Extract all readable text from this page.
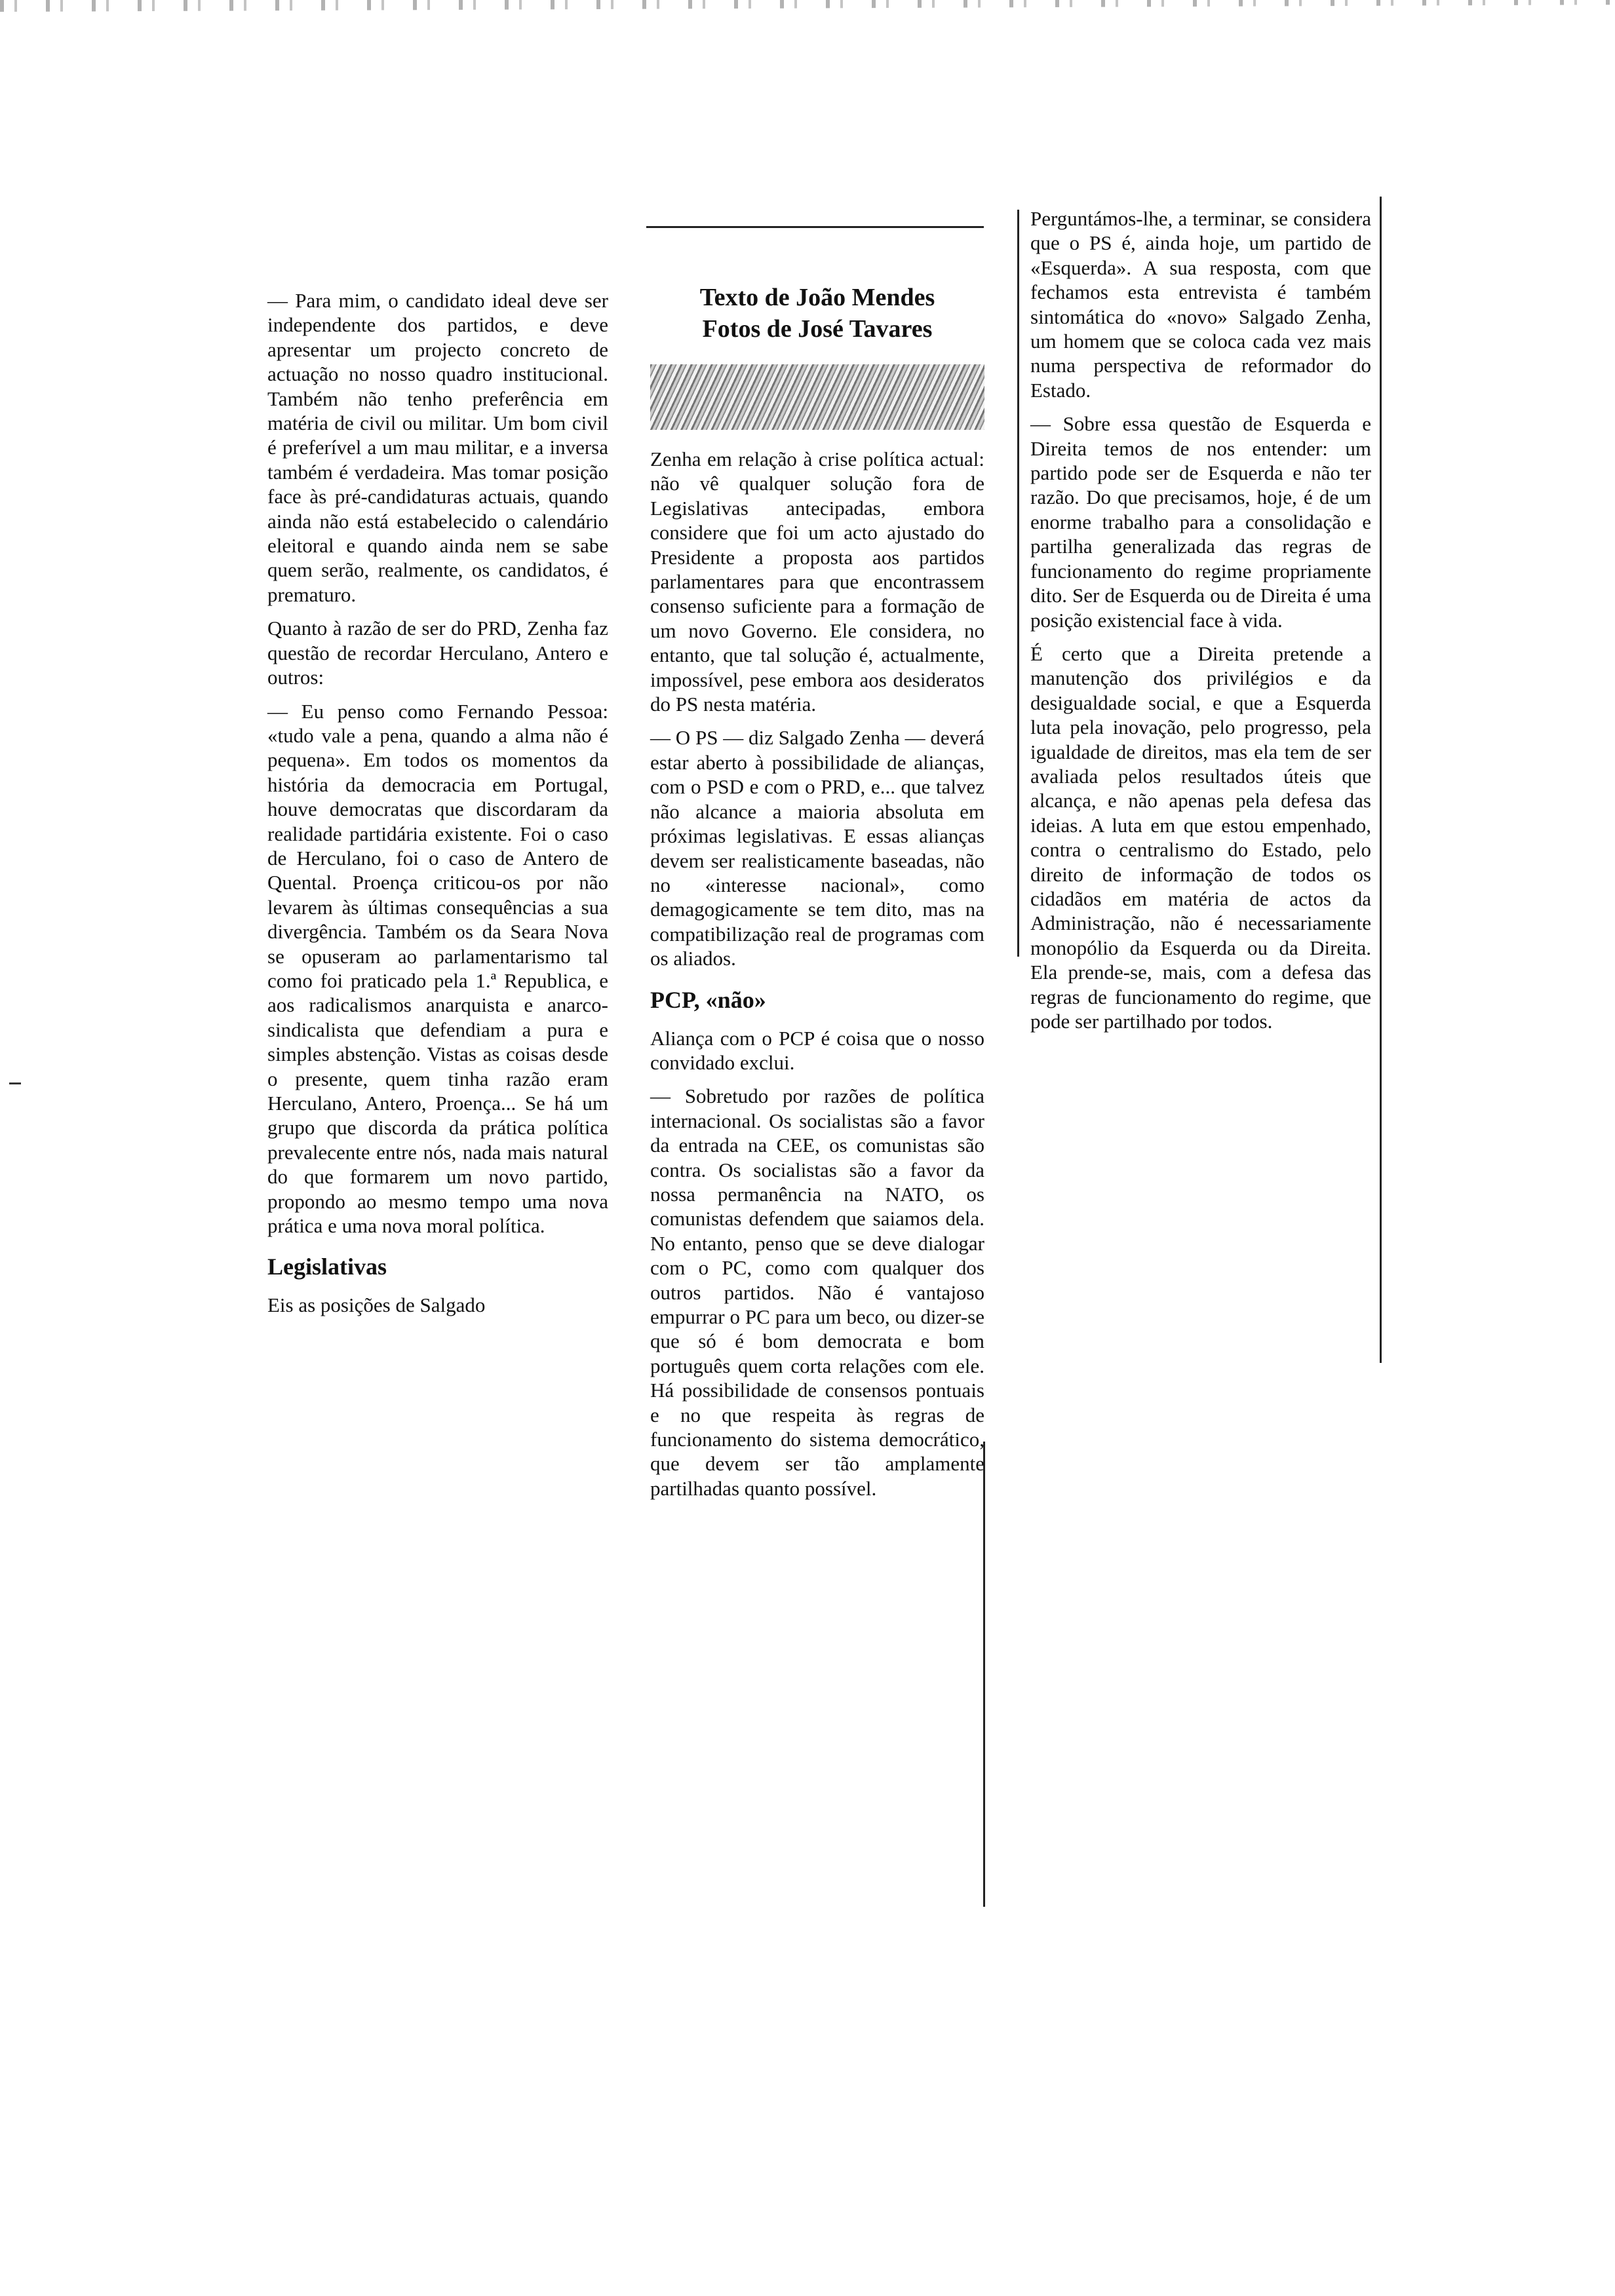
— Para mim, o candidato ideal deve ser independente dos partidos, e deve apresentar um projecto concreto de actuação no nosso quadro institucional. Também não tenho preferência em matéria de civil ou militar. Um bom civil é preferível a um mau militar, e a inversa também é verdadeira. Mas tomar posição face às pré-candidaturas actuais, quando ainda não está estabelecido o calendário eleitoral e quando ainda nem se sabe quem serão, realmente, os candidatos, é prematuro.

Quanto à razão de ser do PRD, Zenha faz questão de recordar Herculano, Antero e outros:

— Eu penso como Fernando Pessoa: «tudo vale a pena, quando a alma não é pequena». Em todos os momentos da história da democracia em Portugal, houve democratas que discordaram da realidade partidária existente. Foi o caso de Herculano, foi o caso de Antero de Quental. Proença criticou-os por não levarem às últimas consequências a sua divergência. Também os da Seara Nova se opuseram ao parlamentarismo tal como foi praticado pela 1.ª Republica, e aos radicalismos anarquista e anarco-sindicalista que defendiam a pura e simples abstenção. Vistas as coisas desde o presente, quem tinha razão eram Herculano, Antero, Proença... Se há um grupo que discorda da prática política prevalecente entre nós, nada mais natural do que formarem um novo partido, propondo ao mesmo tempo uma nova prática e uma nova moral política.

Legislativas

Eis as posições de Salgado

Texto de João Mendes
Fotos de José Tavares

Zenha em relação à crise política actual: não vê qualquer solução fora de Legislativas antecipadas, embora considere que foi um acto ajustado do Presidente a proposta aos partidos parlamentares para que encontrassem consenso suficiente para a formação de um novo Governo. Ele considera, no entanto, que tal solução é, actualmente, impossível, pese embora aos desideratos do PS nesta matéria.

— O PS — diz Salgado Zenha — deverá estar aberto à possibilidade de alianças, com o PSD e com o PRD, e... que talvez não alcance a maioria absoluta em próximas legislativas. E essas alianças devem ser realisticamente baseadas, não no «interesse nacional», como demagogicamente se tem dito, mas na compatibilização real de programas com os aliados.

PCP, «não»

Aliança com o PCP é coisa que o nosso convidado exclui.

— Sobretudo por razões de política internacional. Os socialistas são a favor da entrada na CEE, os comunistas são contra. Os socialistas são a favor da nossa permanência na NATO, os comunistas defendem que saiamos dela. No entanto, penso que se deve dialogar com o PC, como com qualquer dos outros partidos. Não é vantajoso empurrar o PC para um beco, ou dizer-se que só é bom democrata e bom português quem corta relações com ele. Há possibilidade de consensos pontuais e no que respeita às regras de funcionamento do sistema democrático, que devem ser tão amplamente partilhadas quanto possível.

Perguntámos-lhe, a terminar, se considera que o PS é, ainda hoje, um partido de «Esquerda». A sua resposta, com que fechamos esta entrevista é também sintomática do «novo» Salgado Zenha, um homem que se coloca cada vez mais numa perspectiva de reformador do Estado.

— Sobre essa questão de Esquerda e Direita temos de nos entender: um partido pode ser de Esquerda e não ter razão. Do que precisamos, hoje, é de um enorme trabalho para a consolidação e partilha generalizada das regras de funcionamento do regime propriamente dito. Ser de Esquerda ou de Direita é uma posição existencial face à vida.

É certo que a Direita pretende a manutenção dos privilégios e da desigualdade social, e que a Esquerda luta pela inovação, pelo progresso, pela igualdade de direitos, mas ela tem de ser avaliada pelos resultados úteis que alcança, e não apenas pela defesa das ideias. A luta em que estou empenhado, contra o centralismo do Estado, pelo direito de informação de todos os cidadãos em matéria de actos da Administração, não é necessariamente monopólio da Esquerda ou da Direita. Ela prende-se, mais, com a defesa das regras de funcionamento do regime, que pode ser partilhado por todos.
